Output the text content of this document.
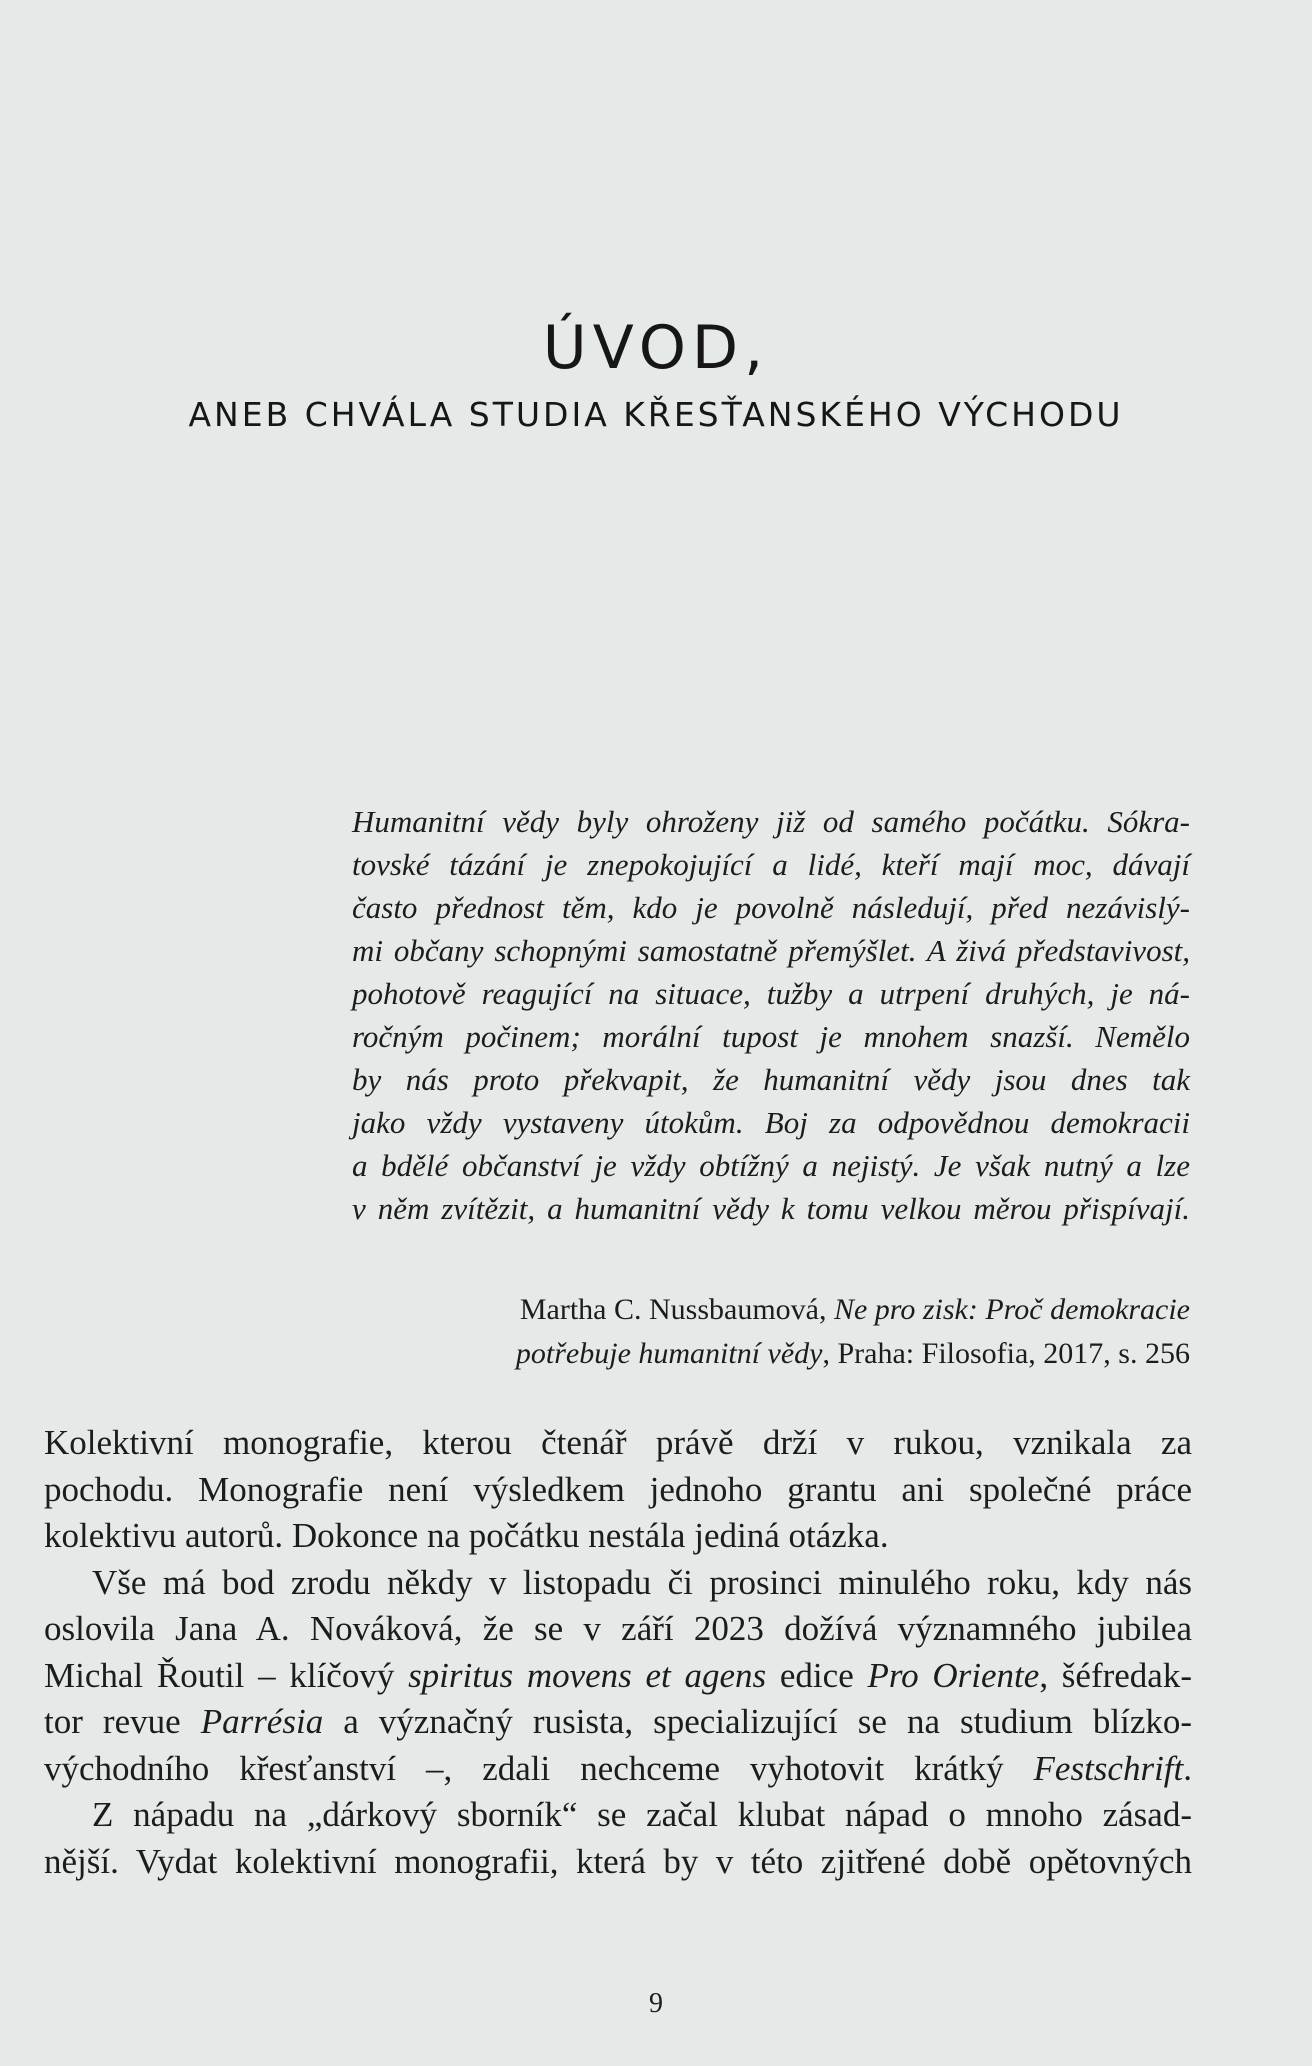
ÚVOD,
ANEB CHVÁLA STUDIA KŘESŤANSKÉHO VÝCHODU
Humanitní vědy byly ohroženy již od samého počátku. Sókra-
tovské tázání je znepokojující a lidé, kteří mají moc, dávají
často přednost těm, kdo je povolně následují, před nezávislý-
mi občany schopnými samostatně přemýšlet. A živá představivost,
pohotově reagující na situace, tužby a utrpení druhých, je ná-
ročným počinem; morální tupost je mnohem snazší. Nemělo
by nás proto překvapit, že humanitní vědy jsou dnes tak
jako vždy vystaveny útokům. Boj za odpovědnou demokracii
a bdělé občanství je vždy obtížný a nejistý. Je však nutný a lze
v něm zvítězit, a humanitní vědy k tomu velkou měrou přispívají.
Martha C. Nussbaumová, Ne pro zisk: Proč demokracie
potřebuje humanitní vědy, Praha: Filosofia, 2017, s. 256

Kolektivní monografie, kterou čtenář právě drží v rukou, vznikala za
pochodu. Monografie není výsledkem jednoho grantu ani společné práce
kolektivu autorů. Dokonce na počátku nestála jediná otázka.

Vše má bod zrodu někdy v listopadu či prosinci minulého roku, kdy nás
oslovila Jana A. Nováková, že se v září 2023 dožívá významného jubilea
Michal Řoutil – klíčový spiritus movens et agens edice Pro Oriente, šéfredak-
tor revue Parrésia a význačný rusista, specializující se na studium blízko-
východního křesťanství –, zdali nechceme vyhotovit krátký Festschrift.

Z nápadu na „dárkový sborník“ se začal klubat nápad o mnoho zásad-
nější. Vydat kolektivní monografii, která by v této zjitřené době opětovných

9
